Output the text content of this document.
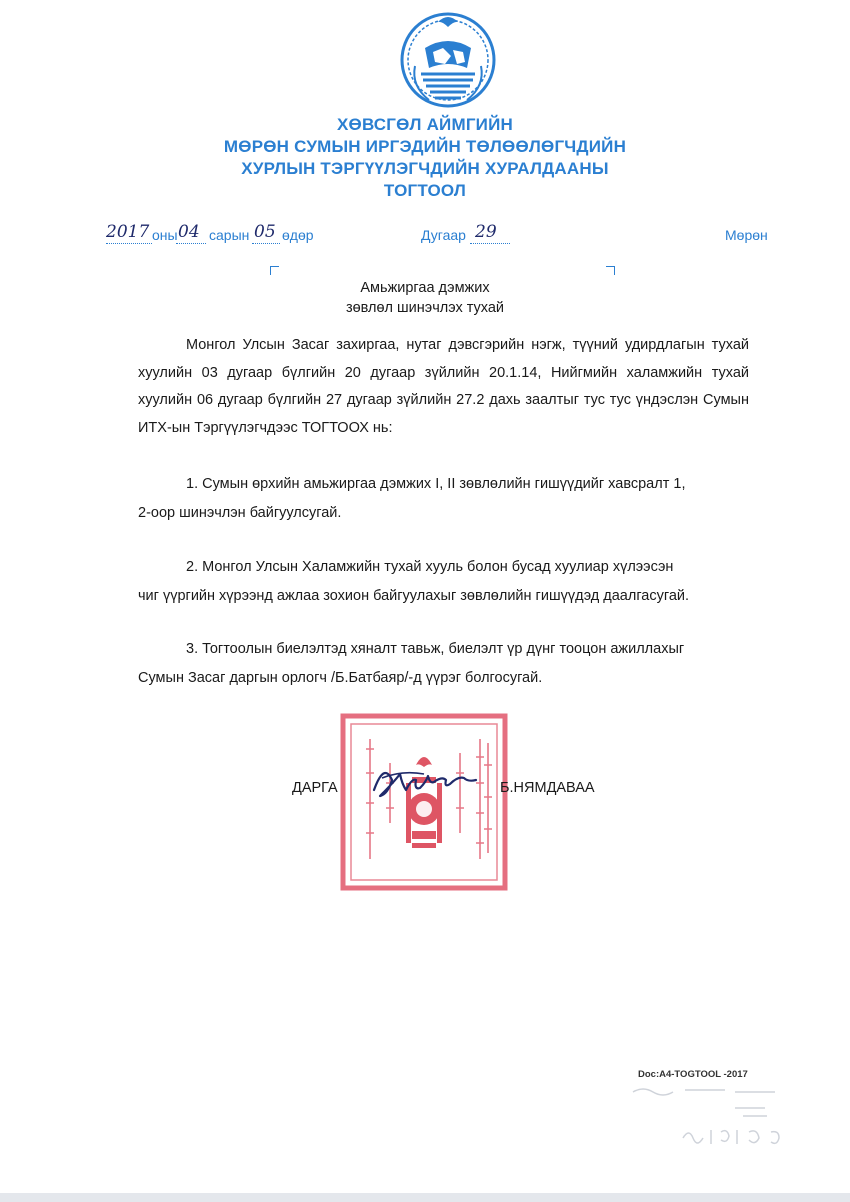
ХӨВСГӨЛ АЙМГИЙН
МӨРӨН СУМЫН ИРГЭДИЙН ТӨЛӨӨЛӨГЧДИЙН
ХУРЛЫН ТЭРГҮҮЛЭГЧДИЙН ХУРАЛДААНЫ
ТОГТООЛ
2017 оны 04 сарын 05 өдөр	Дугаар 29	Мөрөн
Амьжиргаа дэмжих
зөвлөл шинэчлэх тухай
Монгол Улсын Засаг захиргаа, нутаг дэвсгэрийн нэгж, түүний удирдлагын тухай хуулийн 03 дугаар бүлгийн 20 дугаар зүйлийн 20.1.14, Нийгмийн халамжийн тухай хуулийн 06 дугаар бүлгийн 27 дугаар зүйлийн 27.2 дахь заалтыг тус тус үндэслэн Сумын ИТХ-ын Тэргүүлэгчдээс ТОГТООХ нь:
1. Сумын өрхийн амьжиргаа дэмжих I, II зөвлөлийн гишүүдийг хавсралт 1,
2-оор шинэчлэн байгуулсугай.
2. Монгол Улсын Халамжийн тухай хууль болон бусад хуулиар хүлээсэн
чиг үүргийн хүрээнд ажлаа зохион байгуулахыг зөвлөлийн гишүүдэд даалгасугай.
3. Тогтоолын биелэлтэд хяналт тавьж, биелэлт үр дүнг тооцон ажиллахыг
Сумын Засаг даргын орлогч /Б.Батбаяр/-д үүрэг болгосугай.
ДАРГА	Б.НЯМДАВАА
Doc:A4-TOGTOOL -2017
